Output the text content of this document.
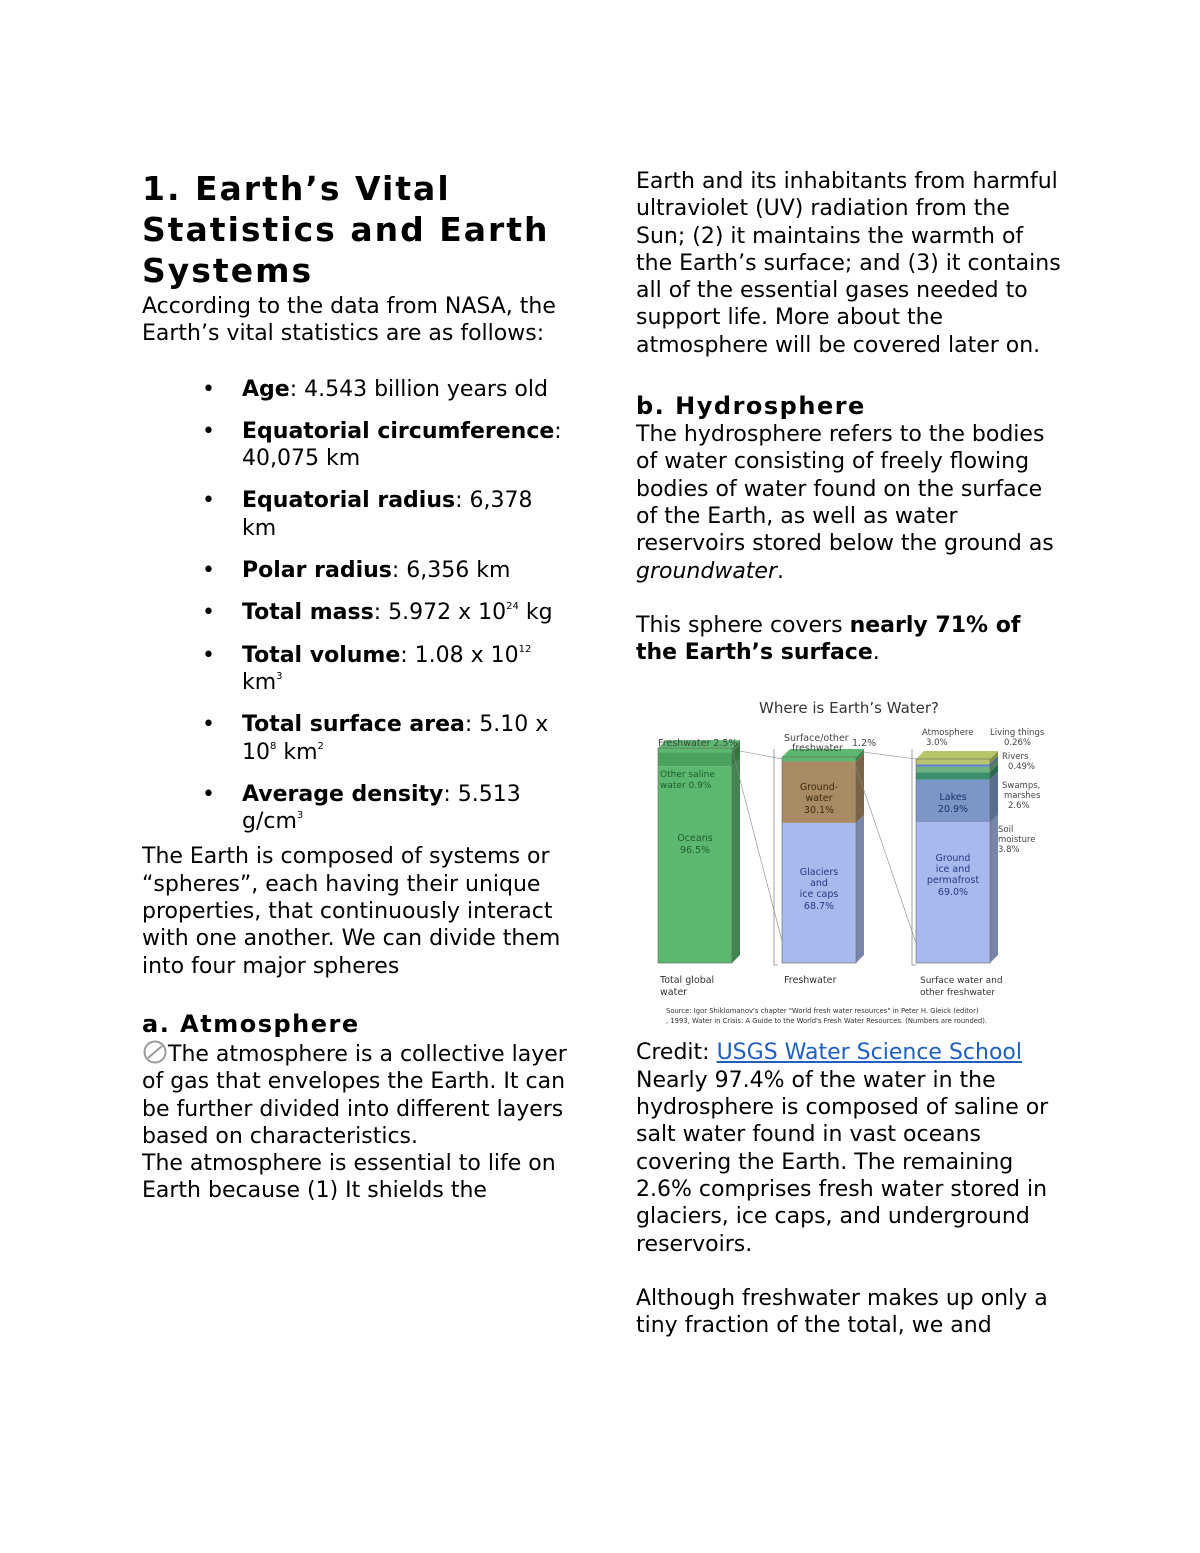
1. Earth’s Vital Statistics and Earth Systems

According to the data from NASA, the Earth’s vital statistics are as follows:

• Age: 4.543 billion years old
• Equatorial circumference: 40,075 km
• Equatorial radius: 6,378 km
• Polar radius: 6,356 km
• Total mass: 5.972 x $10^{24}$ kg
• Total volume: 1.08 x $10^{12}$ $km^3$
• Total surface area: 5.10 x $10^8$ $km^2$
• Average density: 5.513 $g/cm^3$

The Earth is composed of systems or “spheres”, each having their unique properties, that continuously interact with one another. We can divide them into four major spheres

a. Atmosphere

The atmosphere is a collective layer of gas that envelopes the Earth. It can be further divided into different layers based on characteristics.

The atmosphere is essential to life on Earth because (1) It shields the

Earth and its inhabitants from harmful ultraviolet (UV) radiation from the Sun; (2) it maintains the warmth of the Earth’s surface; and (3) it contains all of the essential gases needed to support life. More about the atmosphere will be covered later on.

b. Hydrosphere

The hydrosphere refers to the bodies of water consisting of freely flowing bodies of water found on the surface of the Earth, as well as water reservoirs stored below the ground as groundwater.

This sphere covers nearly 71% of the Earth’s surface.

Where is Earth’s Water?
Freshwater 2.5%
Other saline
water 0.9%
Oceans
96.5%
Total global
water
Surface/other
freshwater 1.2%
Ground-
water
30.1%
Glaciers
and
ice caps
68.7%
Freshwater
Lakes
20.9%
Ground
ice and
permafrost
69.0%
Surface water and
other freshwater
Atmosphere
3.0%
Living things
0.26%
Rivers
0.49%
Swamps,
marshes
2.6%
Soil
moisture
3.8%
Source: Igor Shiklomanov's chapter "World fresh water resources" in Peter H. Gleick (editor)
, 1993, Water in Crisis: A Guide to the World's Fresh Water Resources. (Numbers are rounded).

Credit: USGS Water Science School

Nearly 97.4% of the water in the hydrosphere is composed of saline or salt water found in vast oceans covering the Earth. The remaining 2.6% comprises fresh water stored in glaciers, ice caps, and underground reservoirs.

Although freshwater makes up only a tiny fraction of the total, we and
